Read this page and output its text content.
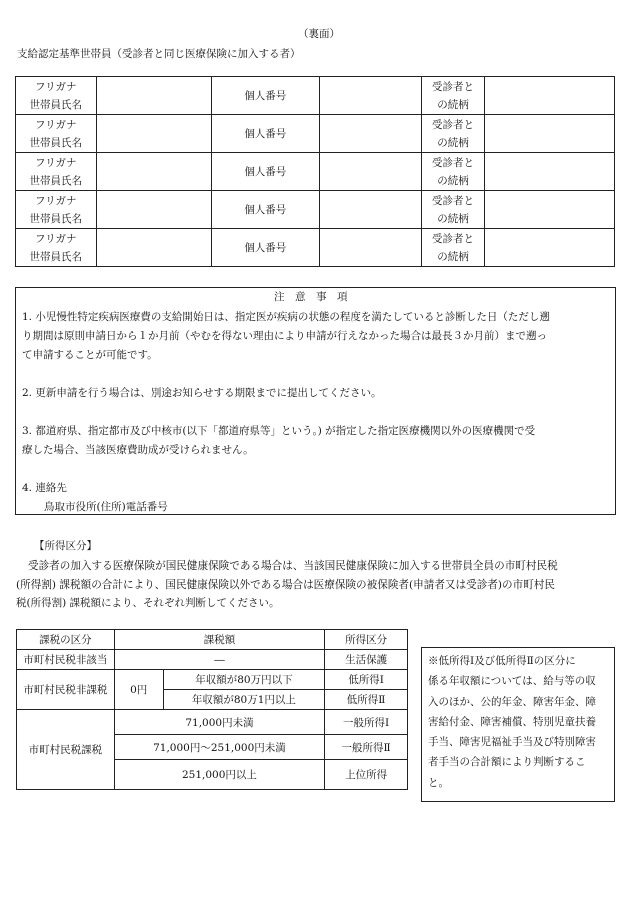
（裏面）
支給認定基準世帯員（受診者と同じ医療保険に加入する者）
フリガナ
世帯員氏名		個人番号		受診者と
の続柄	
フリガナ
世帯員氏名		個人番号		受診者と
の続柄	
フリガナ
世帯員氏名		個人番号		受診者と
の続柄	
フリガナ
世帯員氏名		個人番号		受診者と
の続柄	
フリガナ
世帯員氏名		個人番号		受診者と
の続柄	
注　意　事　項

1. 小児慢性特定疾病医療費の支給開始日は、指定医が疾病の状態の程度を満たしていると診断した日（ただし遡

り期間は原則申請日から１か月前（やむを得ない理由により申請が行えなかった場合は最長３か月前）まで遡っ

て申請することが可能です。

2. 更新申請を行う場合は、別途お知らせする期限までに提出してください。

3. 都道府県、指定都市及び中核市(以下「都道府県等」という。) が指定した指定医療機関以外の医療機関で受

療した場合、当該医療費助成が受けられません。

4. 連絡先

鳥取市役所(住所)電話番号

【所得区分】
受診者の加入する医療保険が国民健康保険である場合は、当該国民健康保険に加入する世帯員全員の市町村民税
(所得割) 課税額の合計により、国民健康保険以外である場合は医療保険の被保険者(申請者又は受診者)の市町村民
税(所得割) 課税額により、それぞれ判断してください。
課税の区分	課税額		所得区分
市町村民税非該当	―		生活保護
市町村民税非課税	0円	年収額が80万円以下	低所得Ⅰ
		年収額が80万1円以上	低所得Ⅱ
市町村民税課税	71,000円未満		一般所得Ⅰ
	71,000円～251,000円未満		一般所得Ⅱ
	251,000円以上		上位所得
※低所得Ⅰ及び低所得Ⅱの区分に
係る年収額については、給与等の収
入のほか、公的年金、障害年金、障
害給付金、障害補償、特別児童扶養
手当、障害児福祉手当及び特別障害
者手当の合計額により判断するこ
と。
